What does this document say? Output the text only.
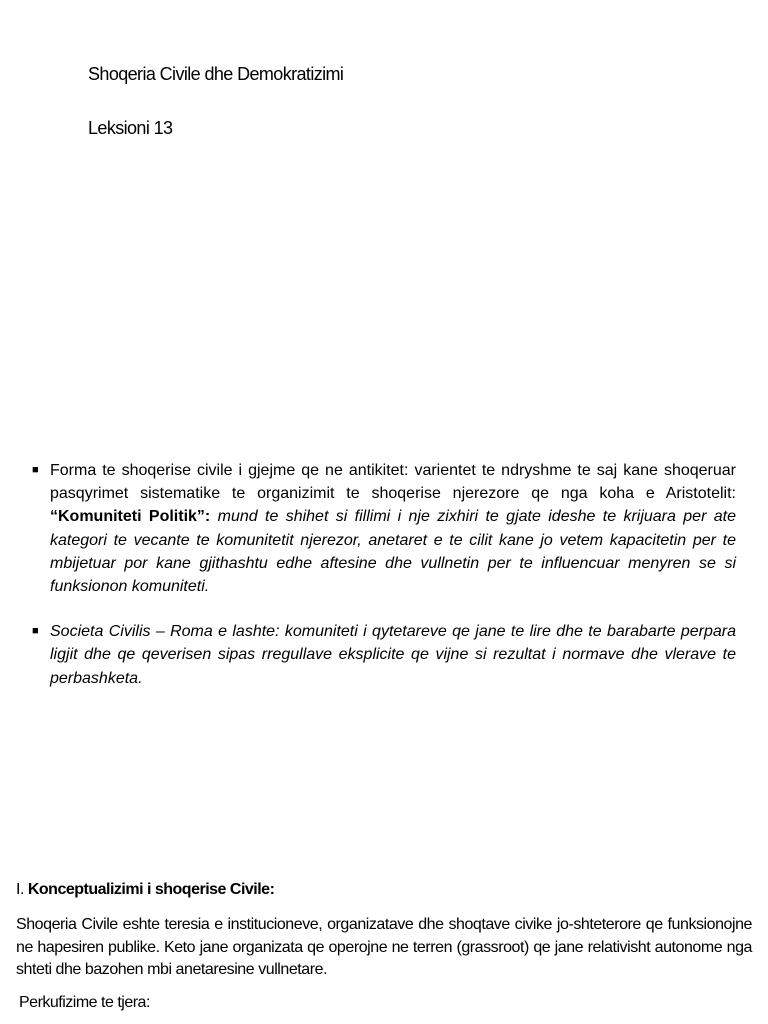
Shoqeria Civile dhe Demokratizimi
Leksioni 13
■ Forma te shoqerise civile i gjejme qe ne antikitet: varientet te ndryshme te saj kane shoqeruar pasqyrimet sistematike te organizimit te shoqerise njerezore qe nga koha e Aristotelit: “Komuniteti Politik”: mund te shihet si fillimi i nje zixhiri te gjate ideshe te krijuara per ate kategori te vecante te komunitetit njerezor, anetaret e te cilit kane jo vetem kapacitetin per te mbijetuar por kane gjithashtu edhe aftesine dhe vullnetin per te influencuar menyren se si funksionon komuniteti.
■ Societa Civilis – Roma e lashte: komuniteti i qytetareve qe jane te lire dhe te barabarte perpara ligjit dhe qe qeverisen sipas rregullave eksplicite qe vijne si rezultat i normave dhe vlerave te perbashketa.

I. Konceptualizimi i shoqerise Civile:

Shoqeria Civile eshte teresia e institucioneve, organizatave dhe shoqtave civike jo-shteterore qe funksionojne ne hapesiren publike. Keto jane organizata qe operojne ne terren (grassroot) qe jane relativisht autonome nga shteti dhe bazohen mbi anetaresine vullnetare.

Perkufizime te tjera:
